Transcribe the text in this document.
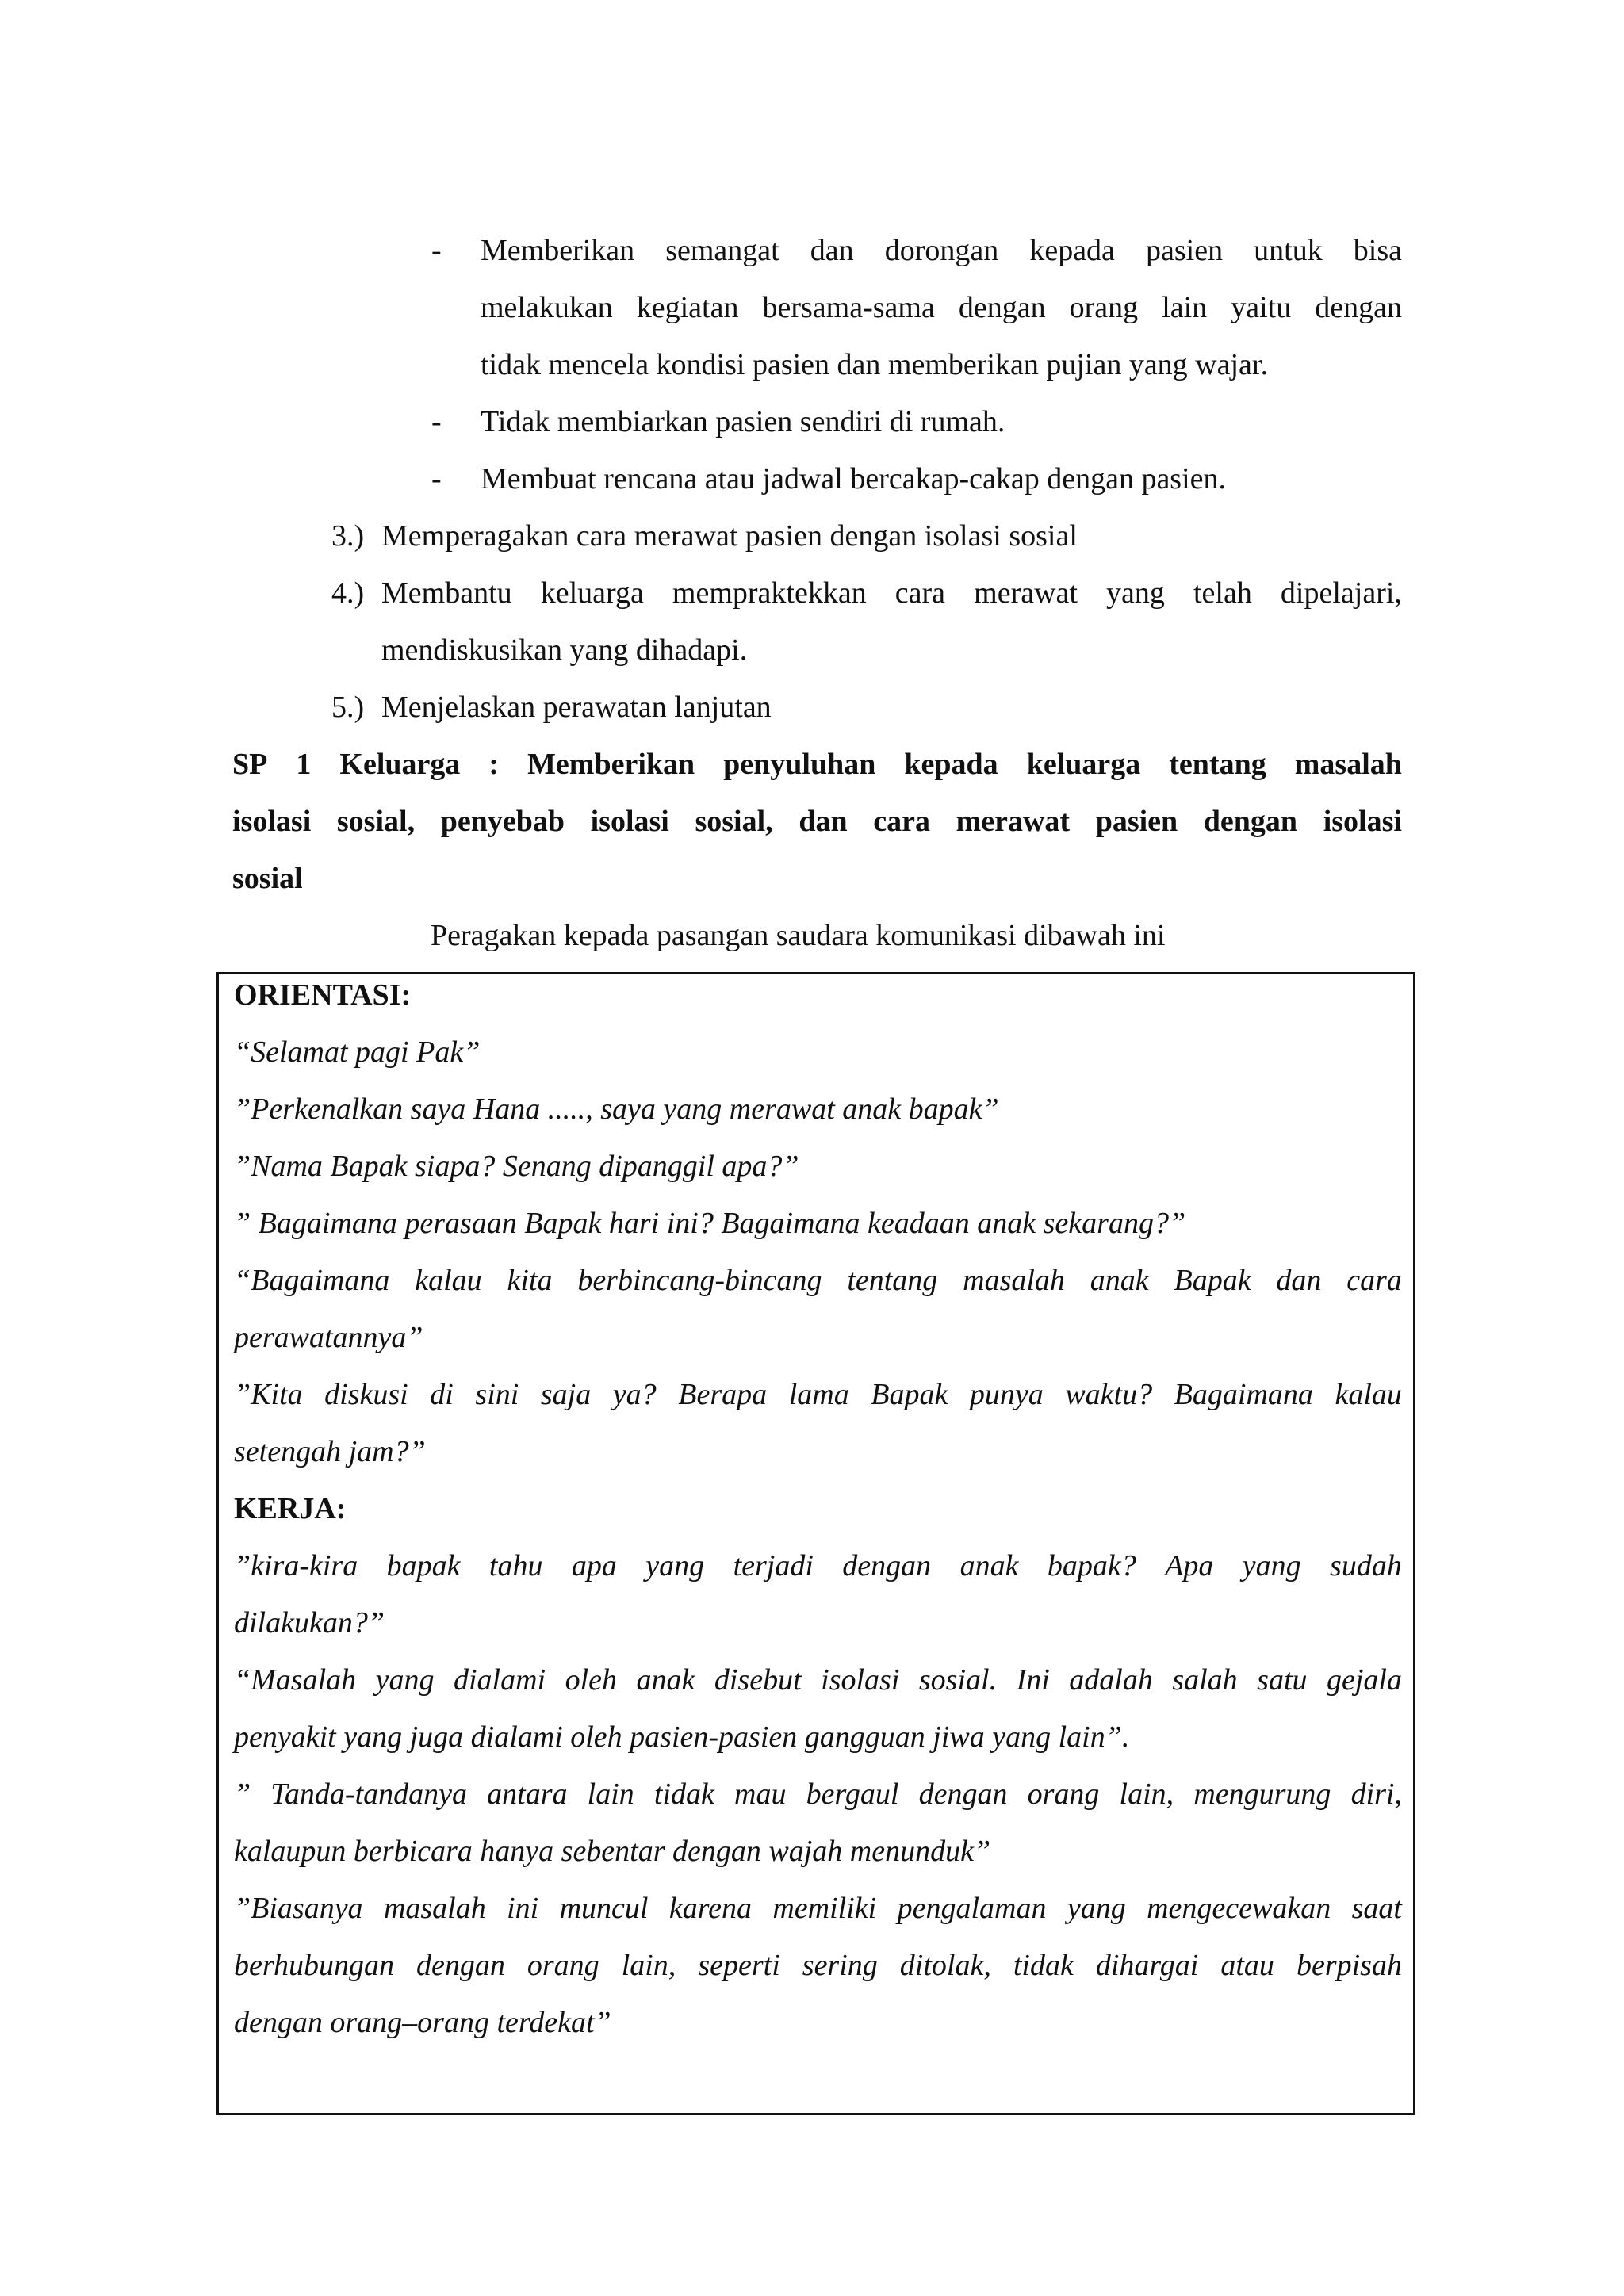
- Memberikan semangat dan dorongan kepada pasien untuk bisa
melakukan kegiatan bersama-sama dengan orang lain yaitu dengan
tidak mencela kondisi pasien dan memberikan pujian yang wajar.
- Tidak membiarkan pasien sendiri di rumah.
- Membuat rencana atau jadwal bercakap-cakap dengan pasien.
3.) Memperagakan cara merawat pasien dengan isolasi sosial
4.) Membantu keluarga mempraktekkan cara merawat yang telah dipelajari,
mendiskusikan yang dihadapi.
5.) Menjelaskan perawatan lanjutan
SP 1 Keluarga : Memberikan penyuluhan kepada keluarga tentang masalah
isolasi sosial, penyebab isolasi sosial, dan cara merawat pasien dengan isolasi
sosial
Peragakan kepada pasangan saudara komunikasi dibawah ini
ORIENTASI:
“Selamat pagi Pak”
”Perkenalkan saya Hana ....., saya yang merawat anak bapak”
”Nama Bapak siapa? Senang dipanggil apa?”
” Bagaimana perasaan Bapak hari ini? Bagaimana keadaan anak sekarang?”
“Bagaimana kalau kita berbincang-bincang tentang masalah anak Bapak dan cara
perawatannya”
”Kita diskusi di sini saja ya? Berapa lama Bapak punya waktu? Bagaimana kalau
setengah jam?”
KERJA:
”kira-kira bapak tahu apa yang terjadi dengan anak bapak? Apa yang sudah
dilakukan?”
“Masalah yang dialami oleh anak disebut isolasi sosial. Ini adalah salah satu gejala
penyakit yang juga dialami oleh pasien-pasien gangguan jiwa yang lain”.
” Tanda-tandanya antara lain tidak mau bergaul dengan orang lain, mengurung diri,
kalaupun berbicara hanya sebentar dengan wajah menunduk”
”Biasanya masalah ini muncul karena memiliki pengalaman yang mengecewakan saat
berhubungan dengan orang lain, seperti sering ditolak, tidak dihargai atau berpisah
dengan orang–orang terdekat”
